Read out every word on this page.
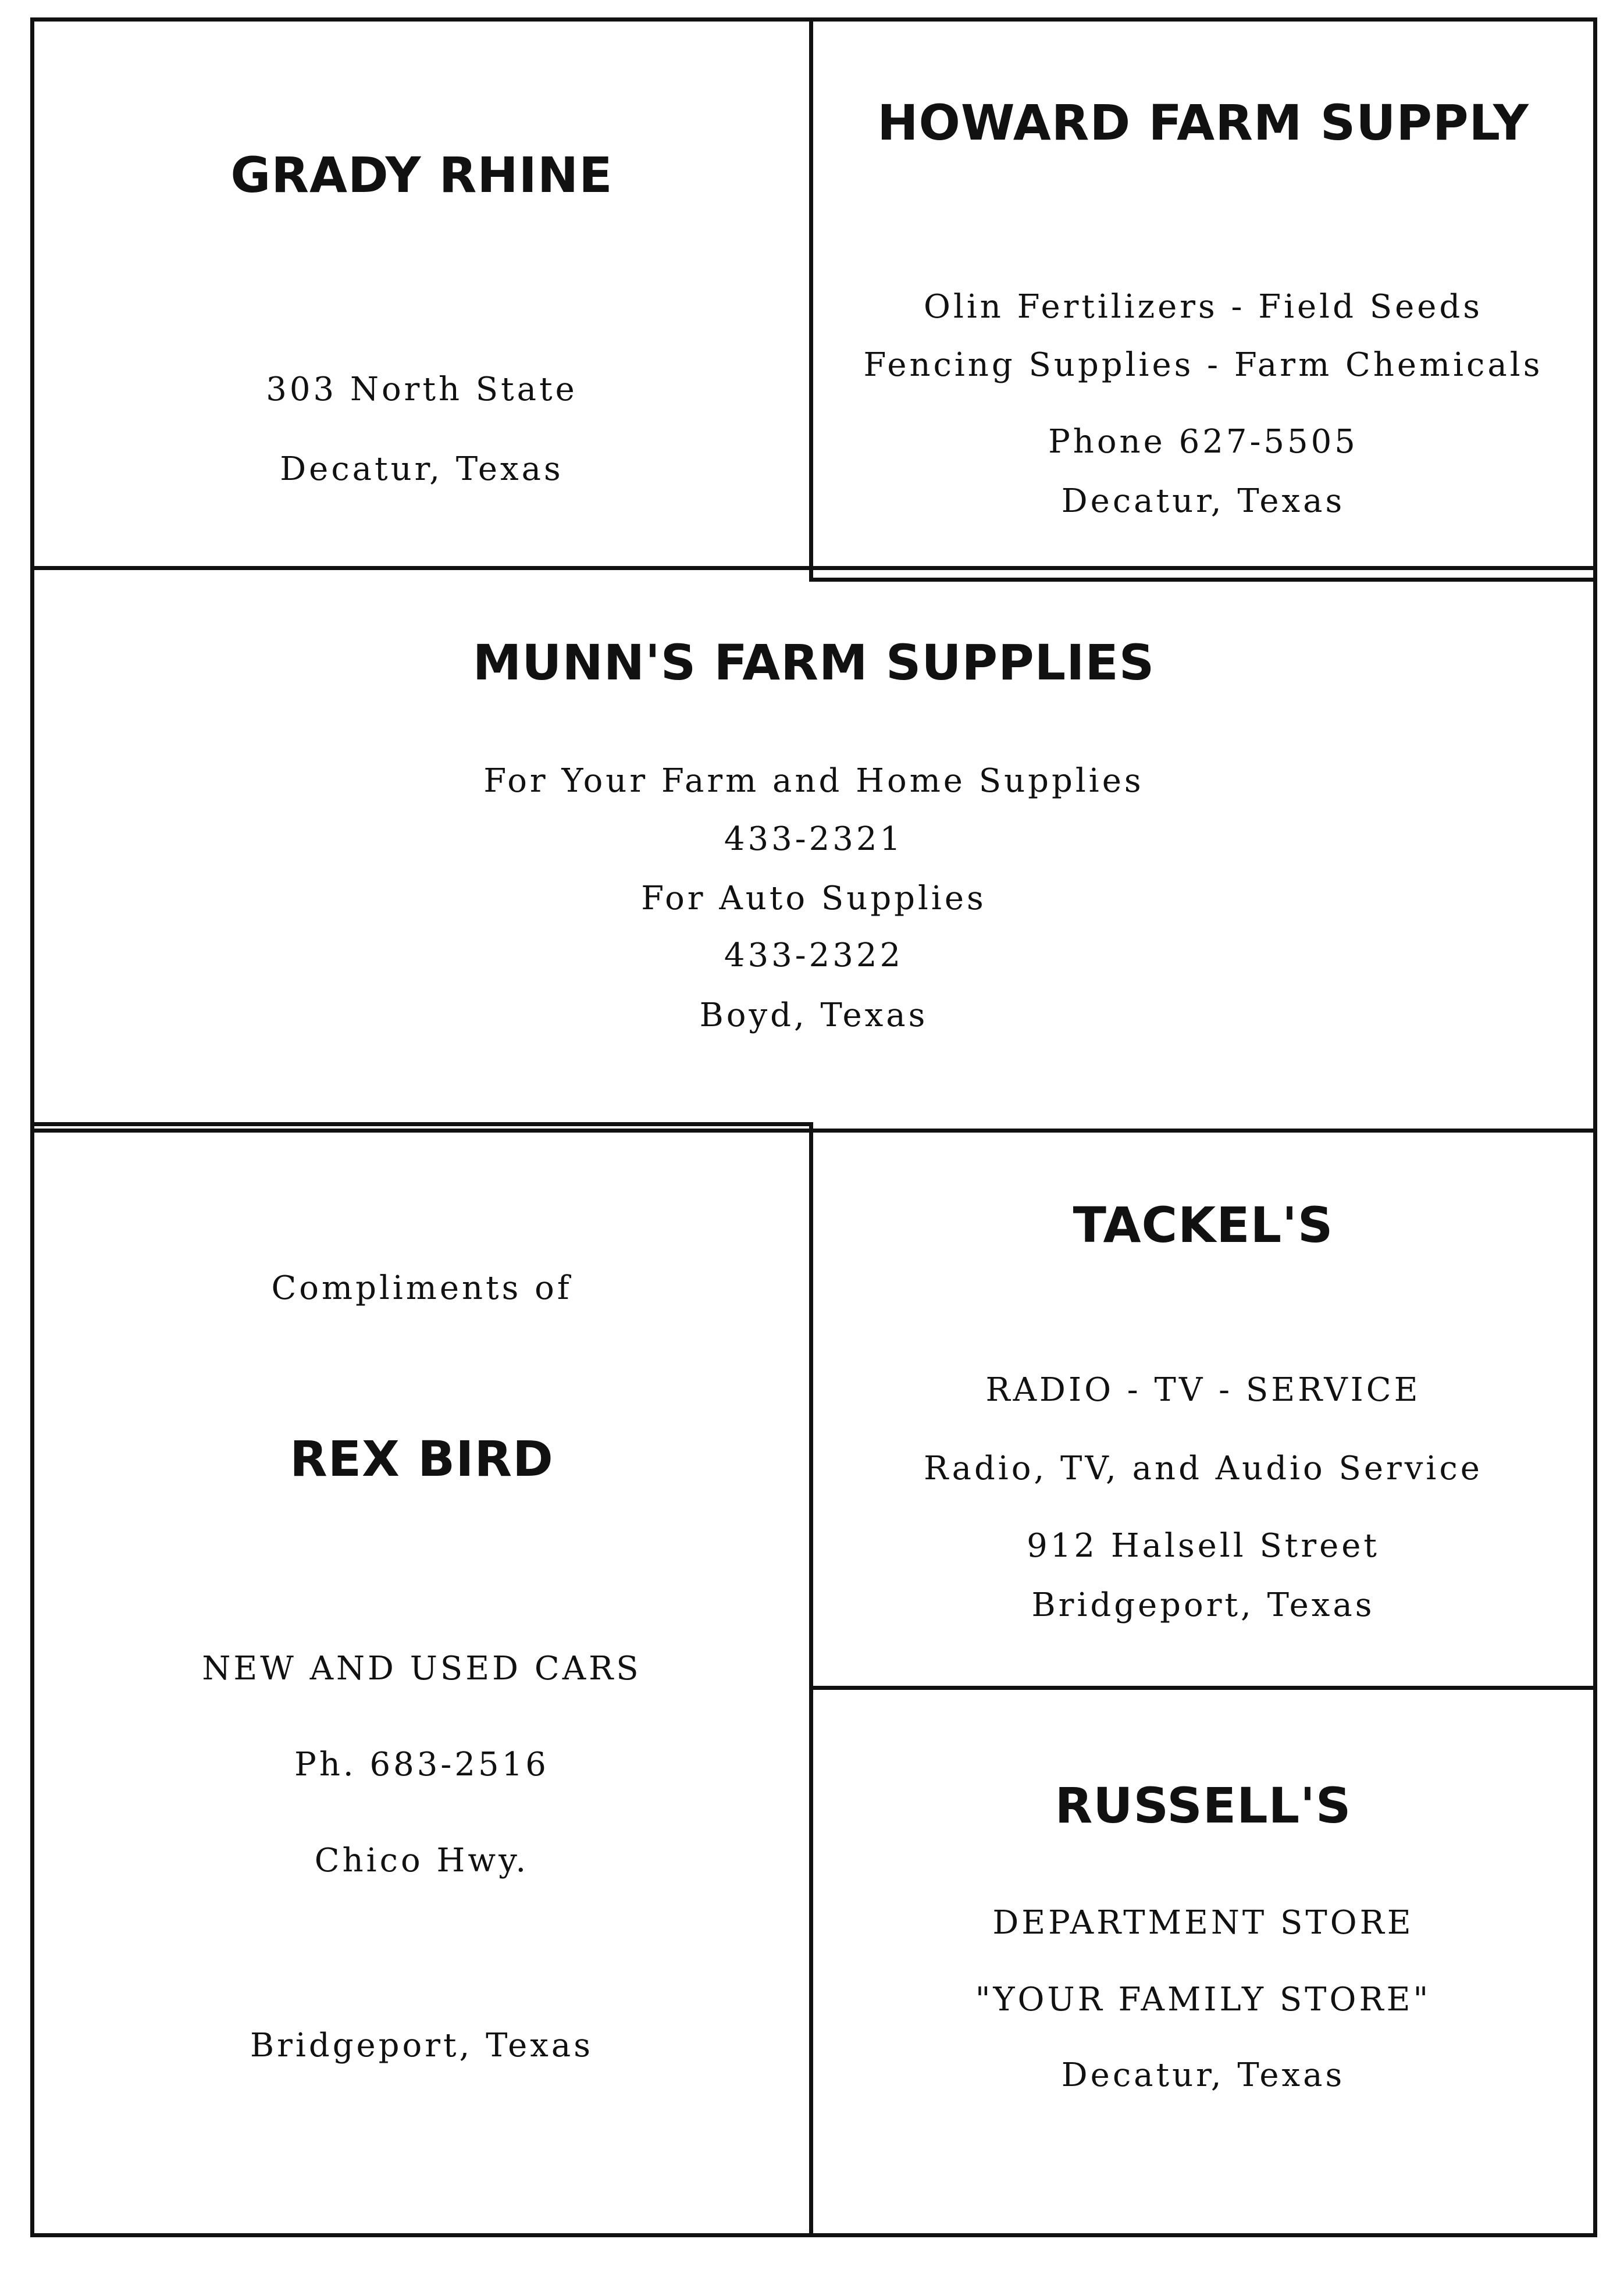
GRADY RHINE
303 North State
Decatur, Texas
HOWARD FARM SUPPLY
Olin Fertilizers - Field Seeds
Fencing Supplies - Farm Chemicals
Phone 627-5505
Decatur, Texas
MUNN'S FARM SUPPLIES
For Your Farm and Home Supplies
433-2321
For Auto Supplies
433-2322
Boyd, Texas
Compliments of
REX BIRD
NEW AND USED CARS
Ph. 683-2516
Chico Hwy.
Bridgeport, Texas
TACKEL'S
RADIO - TV - SERVICE
Radio, TV, and Audio Service
912 Halsell Street
Bridgeport, Texas
RUSSELL'S
DEPARTMENT STORE
"YOUR FAMILY STORE"
Decatur, Texas
